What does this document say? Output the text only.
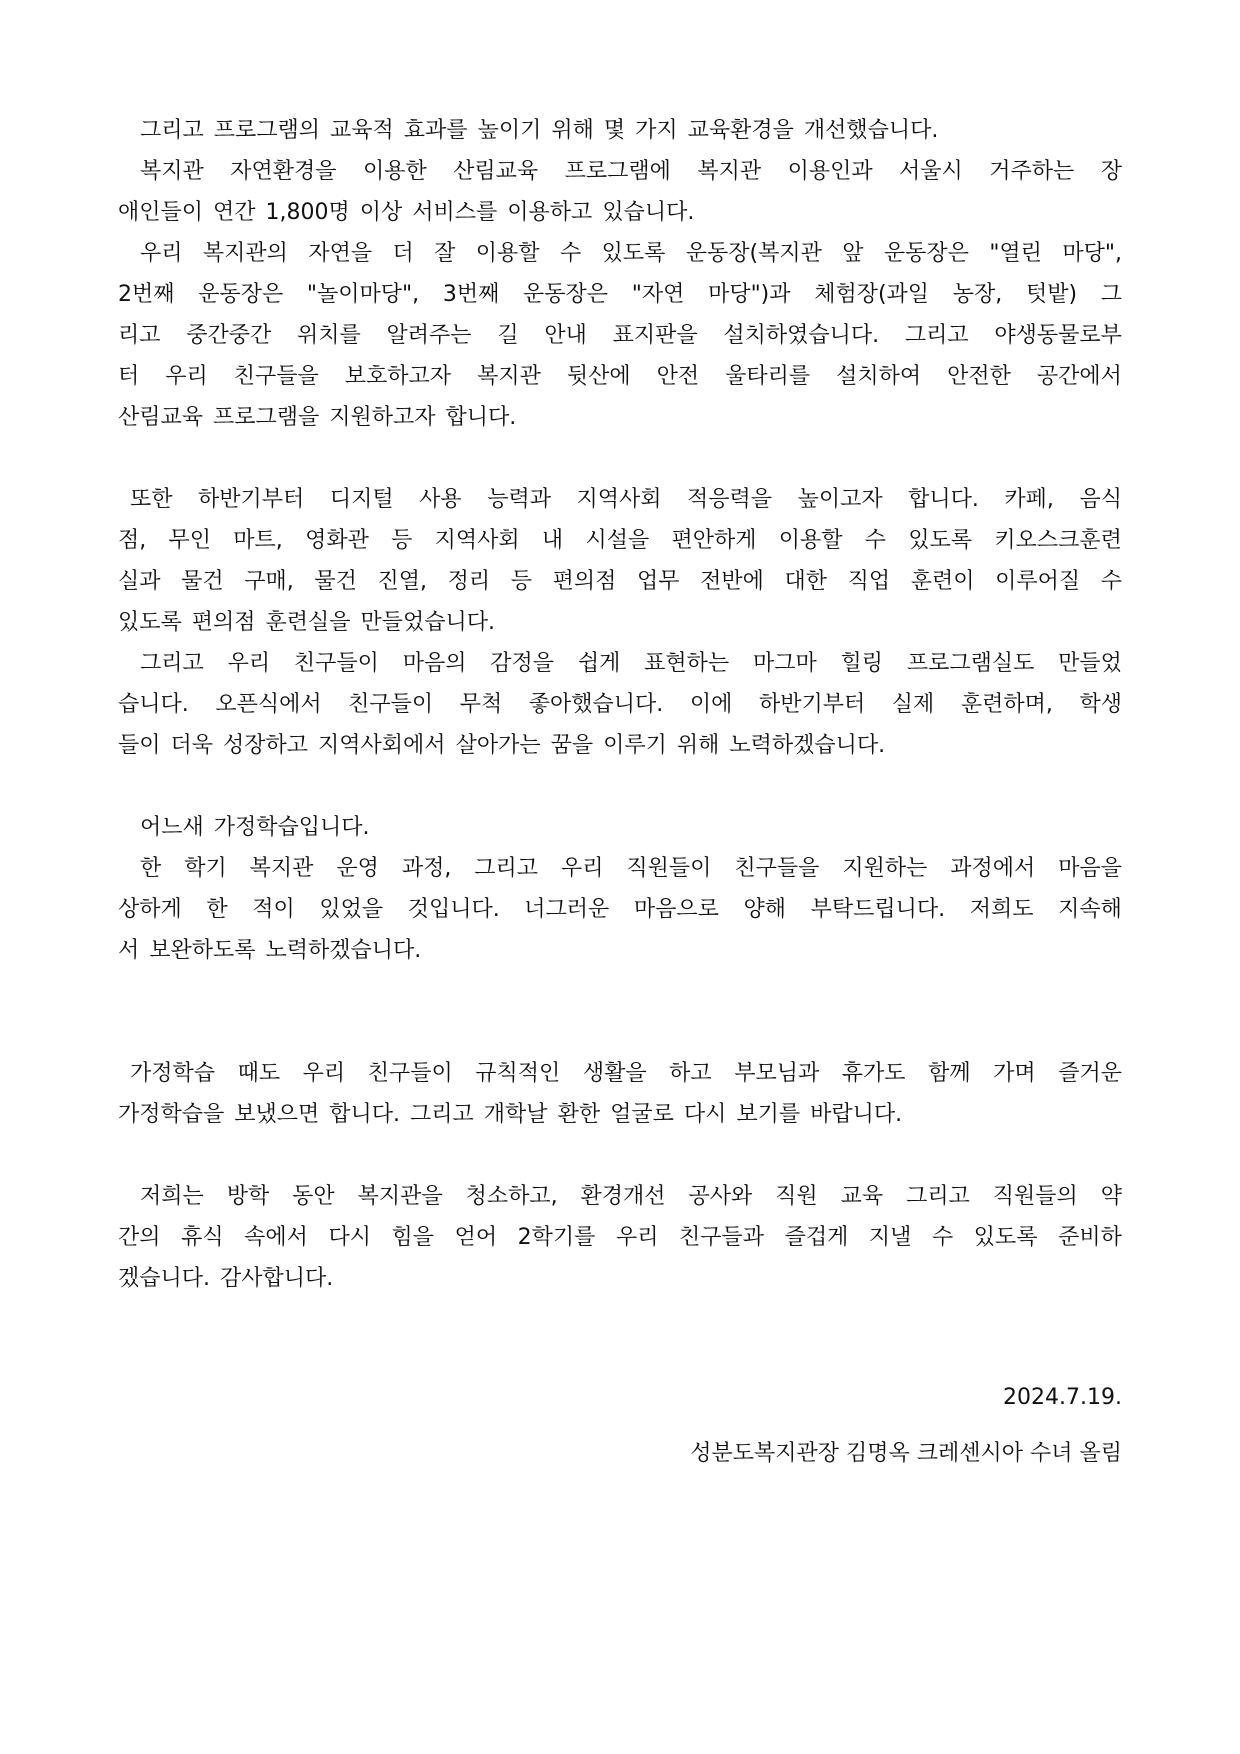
그리고 프로그램의 교육적 효과를 높이기 위해 몇 가지 교육환경을 개선했습니다.
복지관 자연환경을 이용한 산림교육 프로그램에 복지관 이용인과 서울시 거주하는 장
애인들이 연간 1,800명 이상 서비스를 이용하고 있습니다.
우리 복지관의 자연을 더 잘 이용할 수 있도록 운동장(복지관 앞 운동장은 "열린 마당",
2번째 운동장은 "놀이마당", 3번째 운동장은 "자연 마당")과 체험장(과일 농장, 텃밭) 그
리고 중간중간 위치를 알려주는 길 안내 표지판을 설치하였습니다. 그리고 야생동물로부
터 우리 친구들을 보호하고자 복지관 뒷산에 안전 울타리를 설치하여 안전한 공간에서
산림교육 프로그램을 지원하고자 합니다.
또한 하반기부터 디지털 사용 능력과 지역사회 적응력을 높이고자 합니다. 카페, 음식
점, 무인 마트, 영화관 등 지역사회 내 시설을 편안하게 이용할 수 있도록 키오스크훈련
실과 물건 구매, 물건 진열, 정리 등 편의점 업무 전반에 대한 직업 훈련이 이루어질 수
있도록 편의점 훈련실을 만들었습니다.
그리고 우리 친구들이 마음의 감정을 쉽게 표현하는 마그마 힐링 프로그램실도 만들었
습니다. 오픈식에서 친구들이 무척 좋아했습니다. 이에 하반기부터 실제 훈련하며, 학생
들이 더욱 성장하고 지역사회에서 살아가는 꿈을 이루기 위해 노력하겠습니다.
어느새 가정학습입니다.
한 학기 복지관 운영 과정, 그리고 우리 직원들이 친구들을 지원하는 과정에서 마음을
상하게 한 적이 있었을 것입니다. 너그러운 마음으로 양해 부탁드립니다. 저희도 지속해
서 보완하도록 노력하겠습니다.
가정학습 때도 우리 친구들이 규칙적인 생활을 하고 부모님과 휴가도 함께 가며 즐거운
가정학습을 보냈으면 합니다. 그리고 개학날 환한 얼굴로 다시 보기를 바랍니다.
저희는 방학 동안 복지관을 청소하고, 환경개선 공사와 직원 교육 그리고 직원들의 약
간의 휴식 속에서 다시 힘을 얻어 2학기를 우리 친구들과 즐겁게 지낼 수 있도록 준비하
겠습니다. 감사합니다.
2024.7.19.
성분도복지관장 김명옥 크레센시아 수녀 올림
